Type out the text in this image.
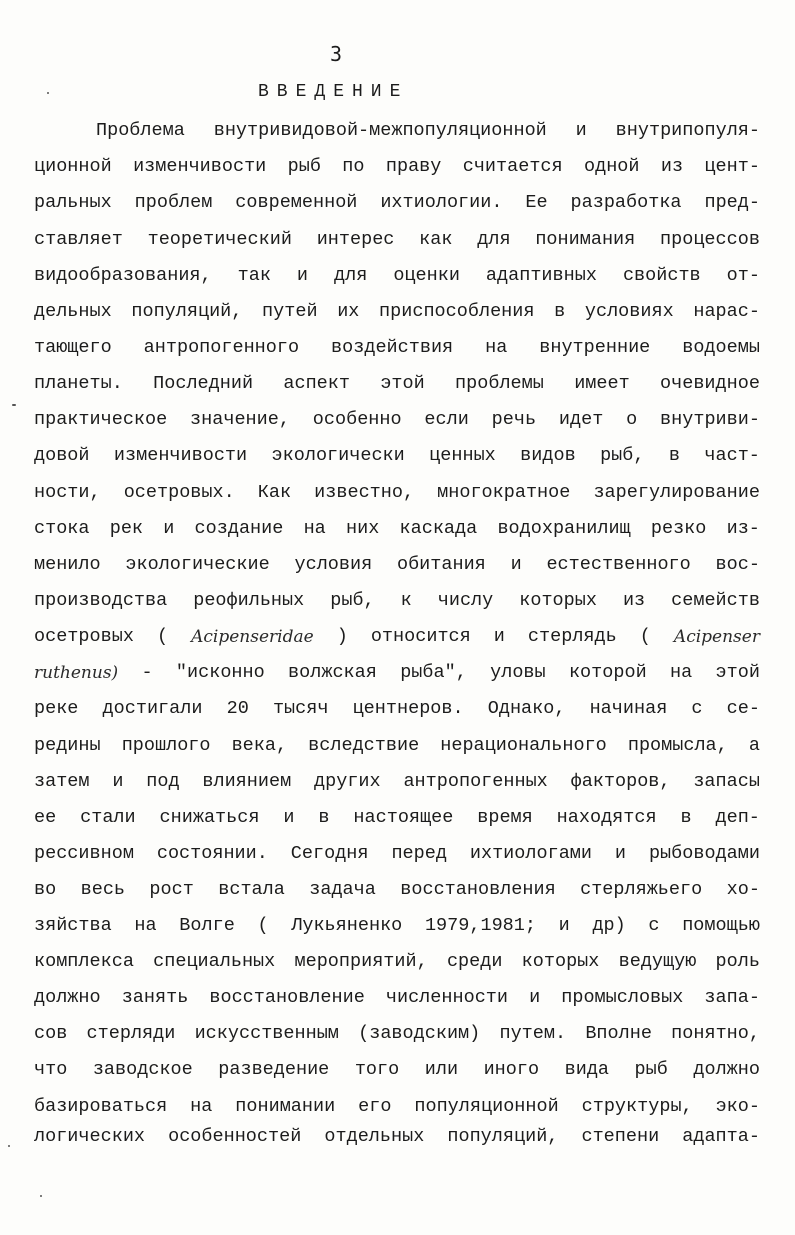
3
ВВЕДЕНИЕ
Проблема внутривидовой-межпопуляционной и внутрипопуля-
ционной изменчивости рыб по праву считается одной из цент-
ральных проблем современной ихтиологии. Ее разработка пред-
ставляет теоретический интерес как для понимания процессов
видообразования, так и для оценки адаптивных свойств от-
дельных популяций, путей их приспособления в условиях нарас-
тающего антропогенного воздействия на внутренние водоемы
планеты. Последний аспект этой проблемы имеет очевидное
практическое значение, особенно если речь идет о внутриви-
довой изменчивости экологически ценных видов рыб, в част-
ности, осетровых. Как известно, многократное зарегулирование
стока рек и создание на них каскада водохранилищ резко из-
менило экологические условия обитания и естественного вос-
производства реофильных рыб, к числу которых из семейств
осетровых ( Acipenseridae ) относится и стерлядь ( Acipenser
ruthenus) - "исконно волжская рыба", уловы которой на этой
реке достигали 20 тысяч центнеров. Однако, начиная с се-
редины прошлого века, вследствие нерационального промысла, а
затем и под влиянием других антропогенных факторов, запасы
ее стали снижаться и в настоящее время находятся в деп-
рессивном состоянии. Сегодня перед ихтиологами и рыбоводами
во весь рост встала задача восстановления стерляжьего хо-
зяйства на Волге ( Лукьяненко 1979,1981; и др) с помощью
комплекса специальных мероприятий, среди которых ведущую роль
должно занять восстановление численности и промысловых запа-
сов стерляди искусственным (заводским) путем. Вполне понятно,
что заводское разведение того или иного вида рыб должно
базироваться на понимании его популяционной структуры, эко-
логических особенностей отдельных популяций, степени адапта-
